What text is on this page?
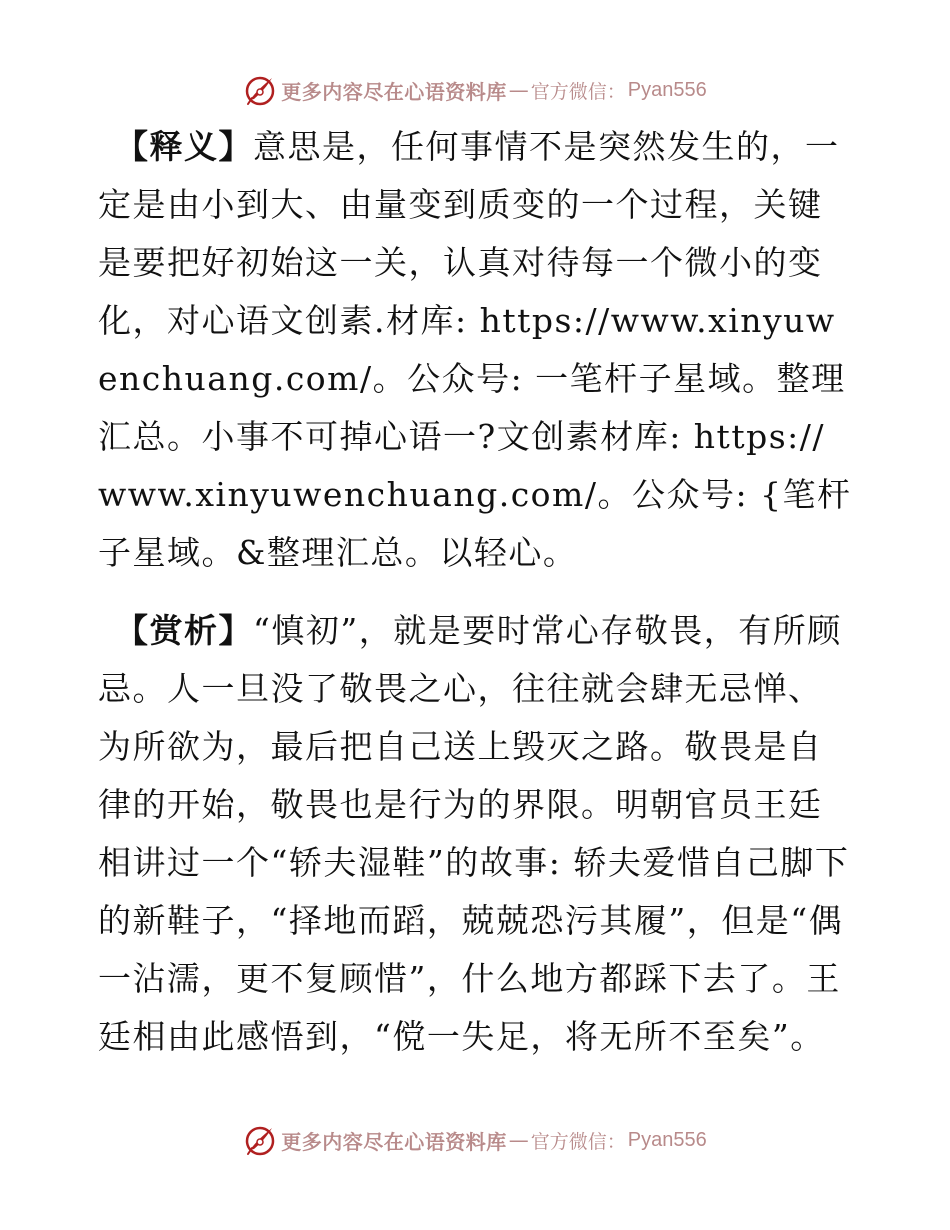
更多内容尽在心语资料库 — 官方微信： Pyan556
【释义】意思是，任何事情不是突然发生的，一定是由小到大、由量变到质变的一个过程，关键是要把好初始这一关，认真对待每一个微小的变化，对心语文创素.材库: https://www.xinyuwenchuang.com/。公众号: 一笔杆子星域。整理汇总。小事不可掉心语一?文创素材库: https://www.xinyuwenchuang.com/。公众号: {笔杆子星域。&整理汇总。以轻心。
【赏析】“慎初”，就是要时常心存敬畏，有所顾忌。人一旦没了敬畏之心，往往就会肆无忌惮、为所欲为，最后把自己送上毁灭之路。敬畏是自律的开始，敬畏也是行为的界限。明朝官员王廷相讲过一个“轿夫湿鞋”的故事: 轿夫爱惜自己脚下的新鞋子，“择地而蹈，兢兢恐污其履”，但是“偶一沾濡，更不复顾惜”，什么地方都踩下去了。王廷相由此感悟到，“傥一失足，将无所不至矣”。
更多内容尽在心语资料库 — 官方微信： Pyan556
